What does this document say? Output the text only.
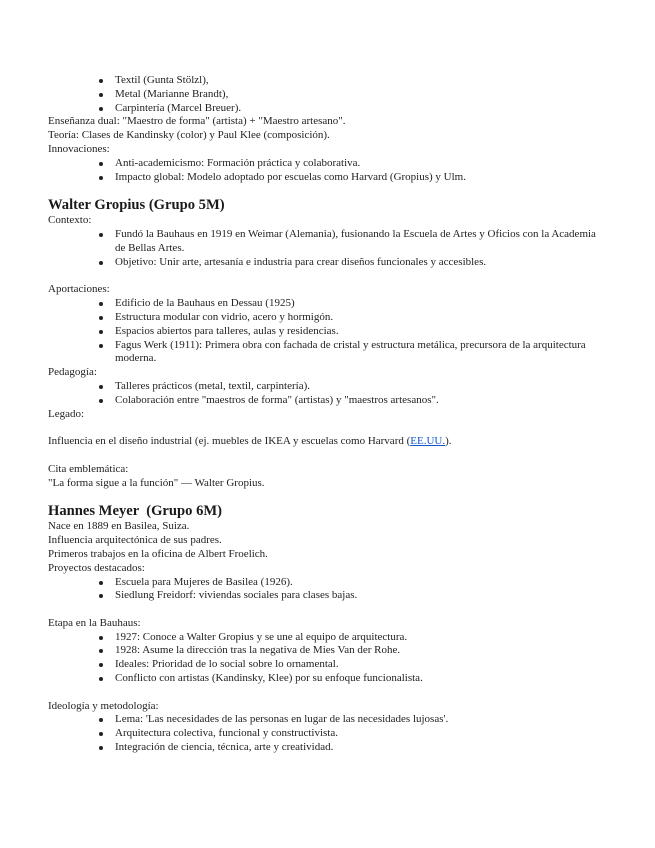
Textil (Gunta Stölzl),
Metal (Marianne Brandt),
Carpintería (Marcel Breuer).
Enseñanza dual: "Maestro de forma" (artista) + "Maestro artesano".
Teoría: Clases de Kandinsky (color) y Paul Klee (composición).
Innovaciones:
Anti-academicismo: Formación práctica y colaborativa.
Impacto global: Modelo adoptado por escuelas como Harvard (Gropius) y Ulm.
Walter Gropius (Grupo 5M)
Contexto:
Fundó la Bauhaus en 1919 en Weimar (Alemania), fusionando la Escuela de Artes y Oficios con la Academia de Bellas Artes.
Objetivo: Unir arte, artesanía e industria para crear diseños funcionales y accesibles.
Aportaciones:
Edificio de la Bauhaus en Dessau (1925)
Estructura modular con vidrio, acero y hormigón.
Espacios abiertos para talleres, aulas y residencias.
Fagus Werk (1911): Primera obra con fachada de cristal y estructura metálica, precursora de la arquitectura moderna.
Pedagogía:
Talleres prácticos (metal, textil, carpintería).
Colaboración entre "maestros de forma" (artistas) y "maestros artesanos".
Legado:
Influencia en el diseño industrial (ej. muebles de IKEA y escuelas como Harvard (EE.UU.).
Cita emblemática:
"La forma sigue a la función" — Walter Gropius.
Hannes Meyer  (Grupo 6M)
Nace en 1889 en Basilea, Suiza.
Influencia arquitectónica de sus padres.
Primeros trabajos en la oficina de Albert Froelich.
Proyectos destacados:
Escuela para Mujeres de Basilea (1926).
Siedlung Freidorf: viviendas sociales para clases bajas.
Etapa en la Bauhaus:
1927: Conoce a Walter Gropius y se une al equipo de arquitectura.
1928: Asume la dirección tras la negativa de Mies Van der Rohe.
Ideales: Prioridad de lo social sobre lo ornamental.
Conflicto con artistas (Kandinsky, Klee) por su enfoque funcionalista.
Ideología y metodología:
Lema: 'Las necesidades de las personas en lugar de las necesidades lujosas'.
Arquitectura colectiva, funcional y constructivista.
Integración de ciencia, técnica, arte y creatividad.
